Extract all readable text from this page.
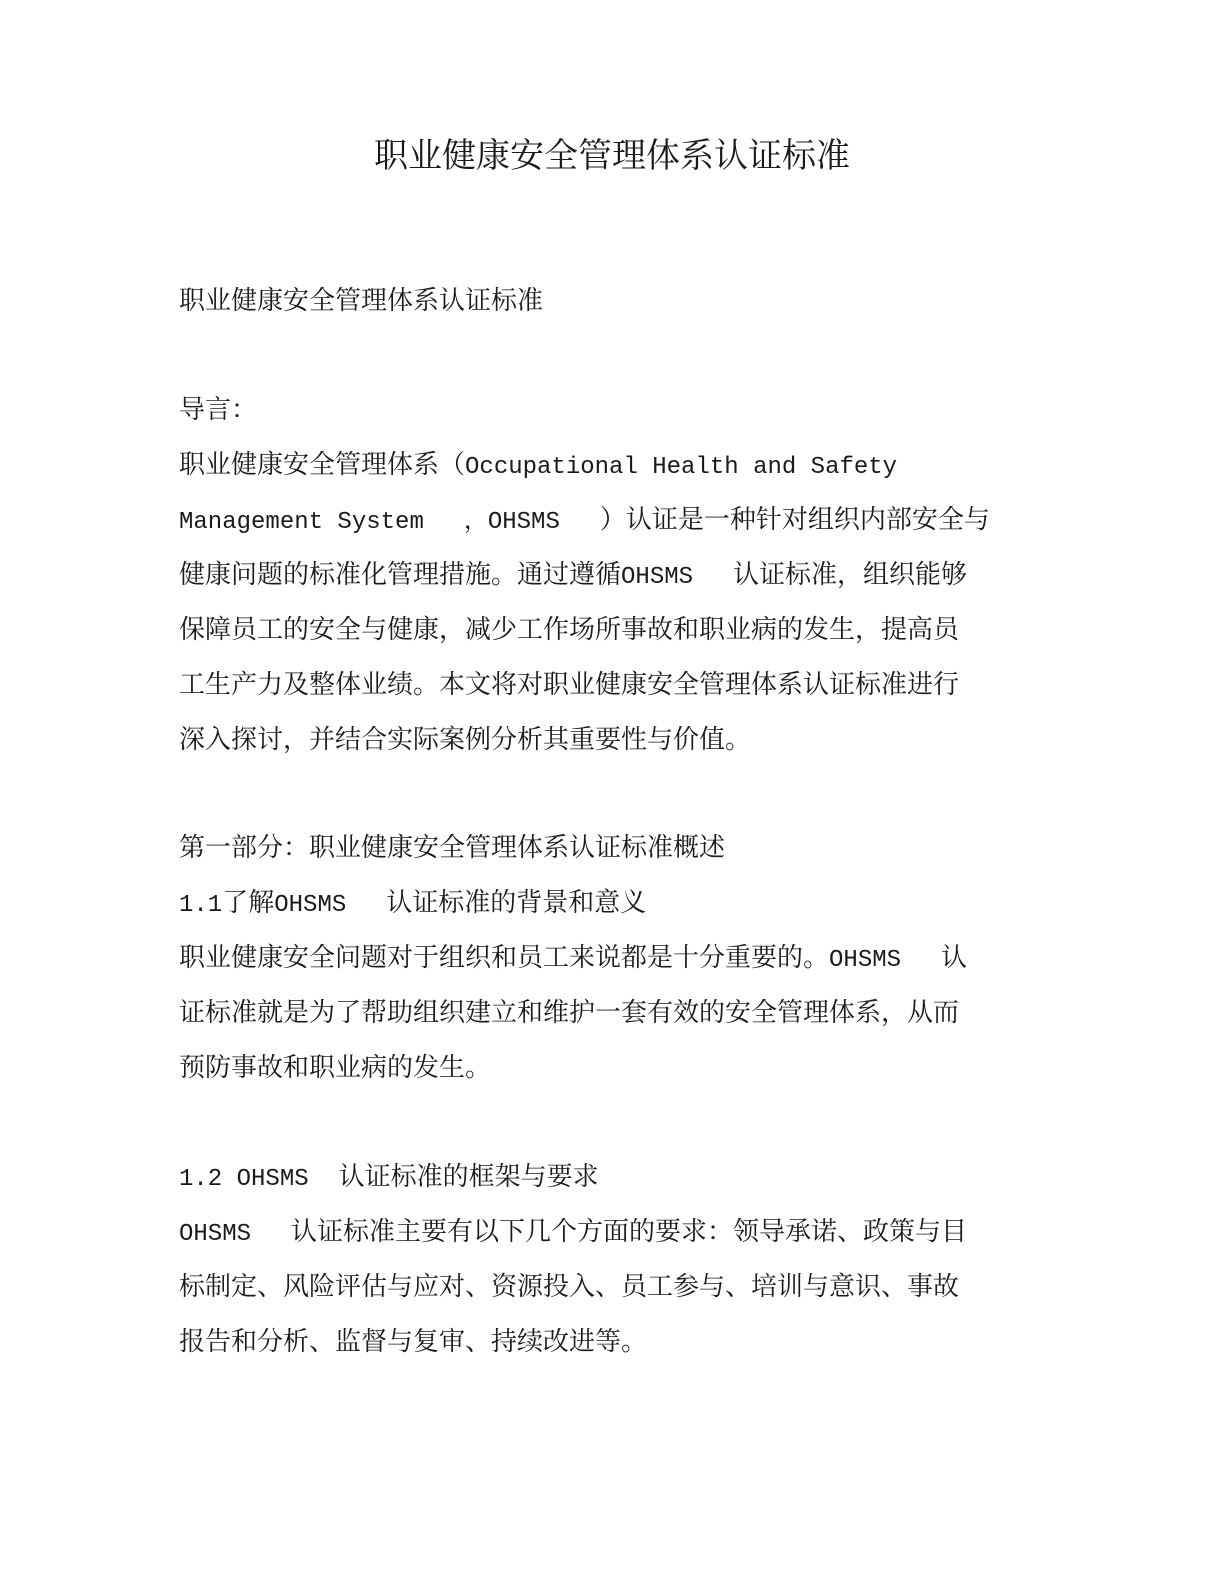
职业健康安全管理体系认证标准

职业健康安全管理体系认证标准

导言：
职业健康安全管理体系（Occupational Health and Safety
Management System ，OHSMS ）认证是一种针对组织内部安全与
健康问题的标准化管理措施。通过遵循OHSMS 认证标准，组织能够
保障员工的安全与健康，减少工作场所事故和职业病的发生，提高员
工生产力及整体业绩。本文将对职业健康安全管理体系认证标准进行
深入探讨，并结合实际案例分析其重要性与价值。
第一部分：职业健康安全管理体系认证标准概述
1.1了解OHSMS 认证标准的背景和意义
职业健康安全问题对于组织和员工来说都是十分重要的。OHSMS 认
证标准就是为了帮助组织建立和维护一套有效的安全管理体系，从而
预防事故和职业病的发生。
1.2 OHSMS 认证标准的框架与要求
OHSMS 认证标准主要有以下几个方面的要求：领导承诺、政策与目
标制定、风险评估与应对、资源投入、员工参与、培训与意识、事故
报告和分析、监督与复审、持续改进等。
